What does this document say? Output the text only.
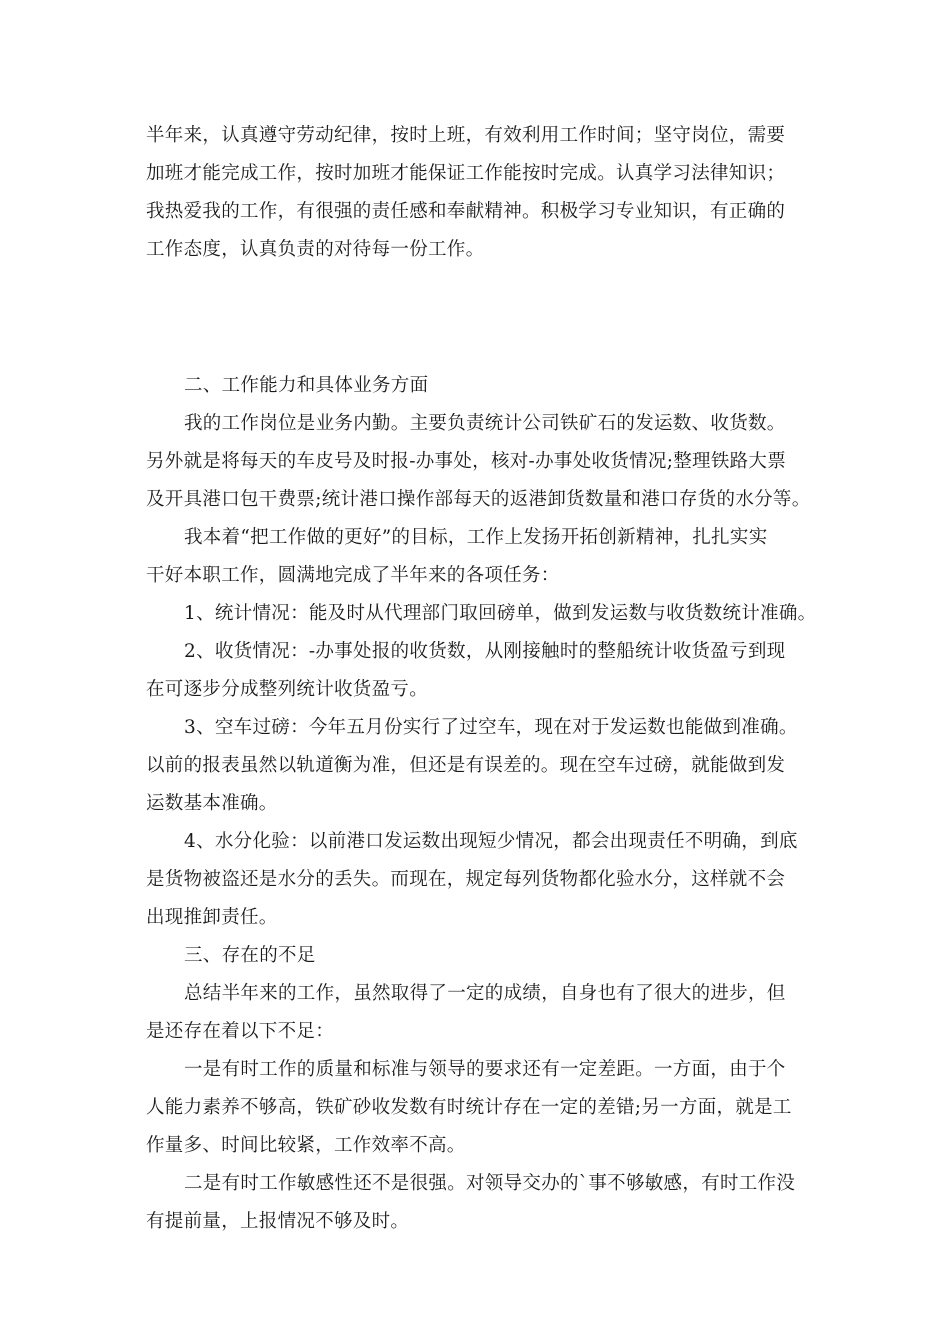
半年来，认真遵守劳动纪律，按时上班，有效利用工作时间；坚守岗位，需要
加班才能完成工作，按时加班才能保证工作能按时完成。认真学习法律知识；
我热爱我的工作，有很强的责任感和奉献精神。积极学习专业知识，有正确的
工作态度，认真负责的对待每一份工作。
二、工作能力和具体业务方面
我的工作岗位是业务内勤。主要负责统计公司铁矿石的发运数、收货数。
另外就是将每天的车皮号及时报-办事处，核对-办事处收货情况;整理铁路大票
及开具港口包干费票;统计港口操作部每天的返港卸货数量和港口存货的水分等。
我本着“把工作做的更好”的目标，工作上发扬开拓创新精神，扎扎实实
干好本职工作，圆满地完成了半年来的各项任务：
1、统计情况：能及时从代理部门取回磅单，做到发运数与收货数统计准确。
2、收货情况：-办事处报的收货数，从刚接触时的整船统计收货盈亏到现
在可逐步分成整列统计收货盈亏。
3、空车过磅：今年五月份实行了过空车，现在对于发运数也能做到准确。
以前的报表虽然以轨道衡为准，但还是有误差的。现在空车过磅，就能做到发
运数基本准确。
4、水分化验：以前港口发运数出现短少情况，都会出现责任不明确，到底
是货物被盗还是水分的丢失。而现在，规定每列货物都化验水分，这样就不会
出现推卸责任。
三、存在的不足
总结半年来的工作，虽然取得了一定的成绩，自身也有了很大的进步，但
是还存在着以下不足：
一是有时工作的质量和标准与领导的要求还有一定差距。一方面，由于个
人能力素养不够高，铁矿砂收发数有时统计存在一定的差错;另一方面，就是工
作量多、时间比较紧，工作效率不高。
二是有时工作敏感性还不是很强。对领导交办的`事不够敏感，有时工作没
有提前量，上报情况不够及时。
